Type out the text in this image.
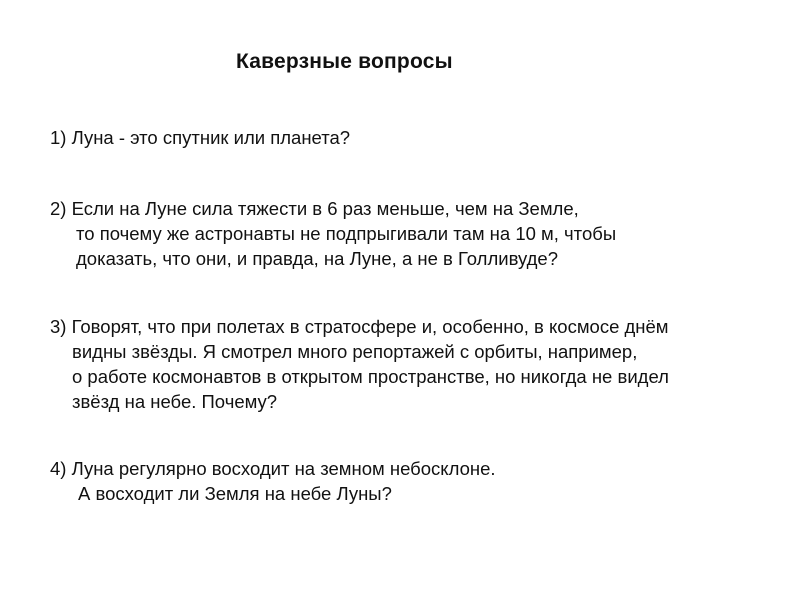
Каверзные вопросы
1) Луна - это спутник или планета?
2) Если на Луне сила тяжести в 6 раз меньше, чем на Земле,
то почему же астронавты не подпрыгивали там на 10 м, чтобы
доказать, что они, и правда, на Луне, а не в Голливуде?
3) Говорят, что при полетах в стратосфере и, особенно, в космосе днём
видны звёзды. Я смотрел много репортажей с орбиты, например,
о работе космонавтов в открытом пространстве, но никогда не видел
звёзд на небе. Почему?
4) Луна регулярно восходит на земном небосклоне.
А восходит ли Земля на небе Луны?
